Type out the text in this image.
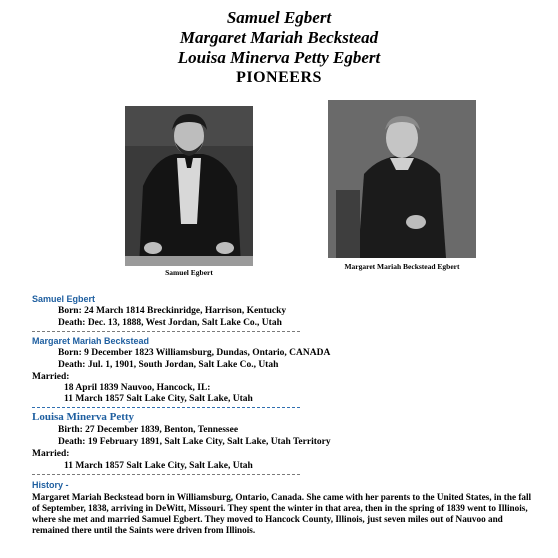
Samuel Egbert
Margaret Mariah Beckstead
Louisa Minerva Petty Egbert
PIONEERS
Samuel Egbert
Margaret Mariah Beckstead Egbert
Samuel Egbert
Born: 24 March 1814 Breckinridge, Harrison, Kentucky
Death: Dec. 13, 1888, West Jordan, Salt Lake Co., Utah
Margaret Mariah Beckstead
Born: 9 December 1823 Williamsburg, Dundas, Ontario, CANADA
Death: Jul. 1, 1901, South Jordan, Salt Lake Co., Utah
Married:
18 April 1839 Nauvoo, Hancock, IL:
11 March 1857 Salt Lake City, Salt Lake, Utah
Louisa Minerva Petty
Birth: 27 December 1839, Benton, Tennessee
Death: 19 February 1891, Salt Lake City, Salt Lake, Utah Territory
Married:
11 March 1857 Salt Lake City, Salt Lake, Utah
History -
Margaret Mariah Beckstead born in Williamsburg, Ontario, Canada. She came with her parents to the United States, in the fall of September, 1838, arriving in DeWitt, Missouri. They spent the winter in that area, then in the spring of 1839 went to Illinois, where she met and married Samuel Egbert. They moved to Hancock County, Illinois, just seven miles out of Nauvoo and remained there until the Saints were driven from Illinois.
